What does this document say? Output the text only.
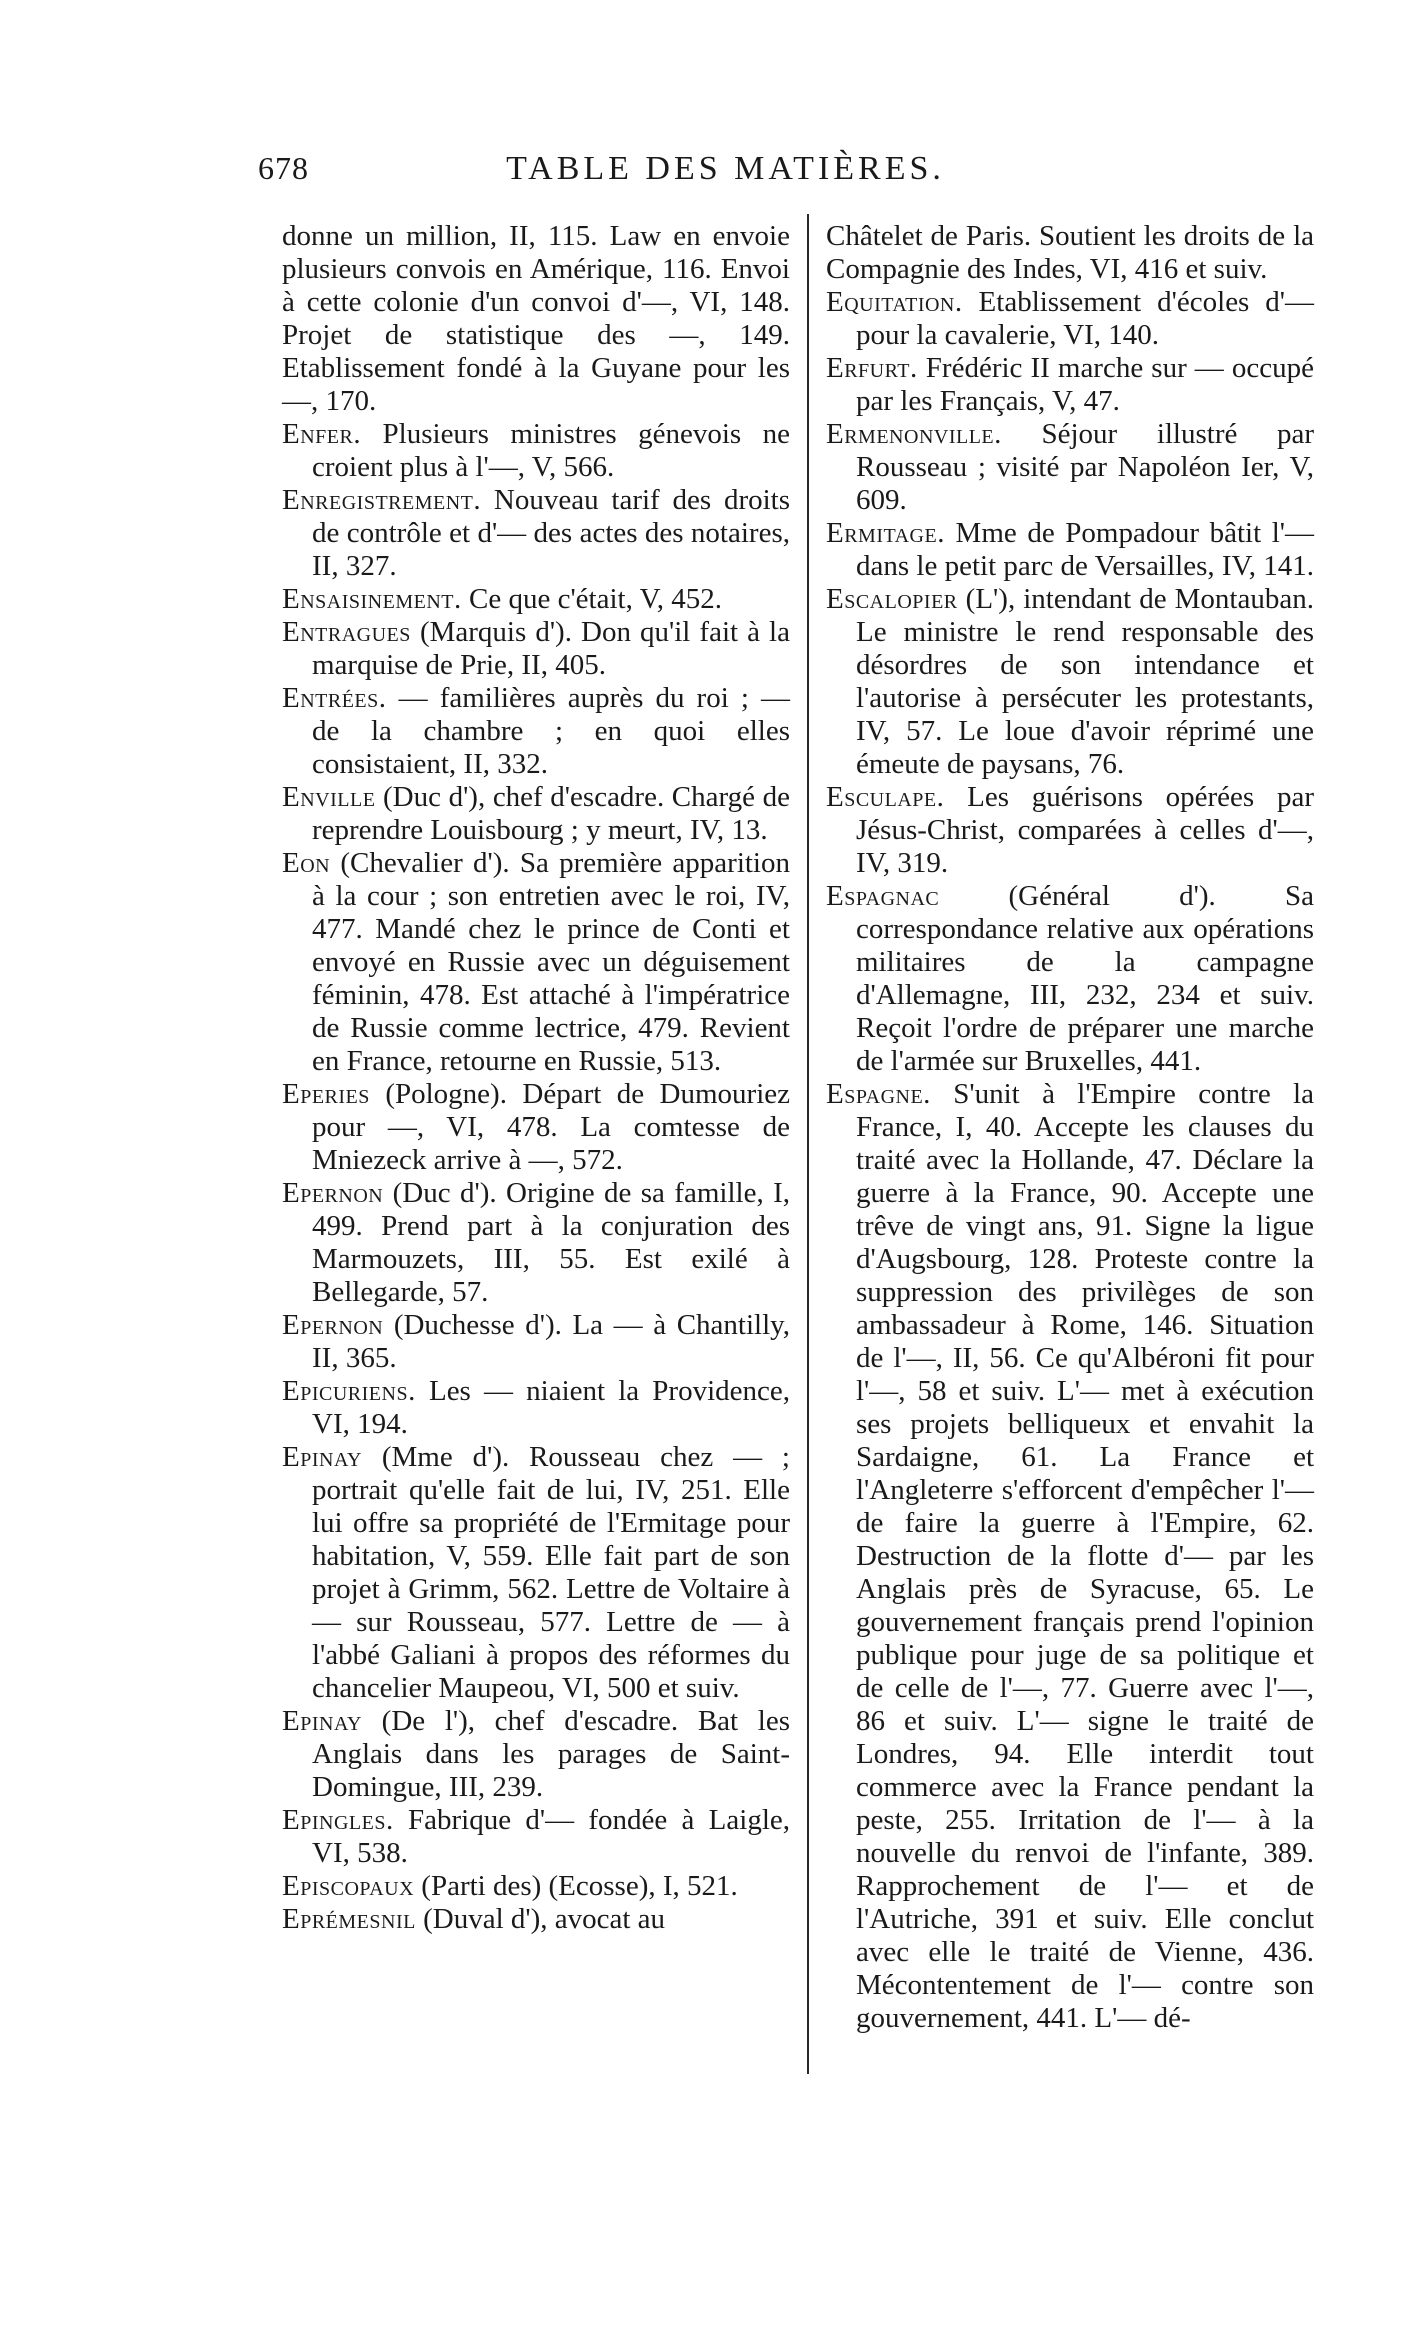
678	TABLE DES MATIÈRES.

donne un million, II, 115. Law en envoie plusieurs convois en Amérique, 116. Envoi à cette colonie d'un convoi d'—, VI, 148. Projet de statistique des —, 149. Etablissement fondé à la Guyane pour les —, 170.

Enfer. Plusieurs ministres génevois ne croient plus à l'—, V, 566.

Enregistrement. Nouveau tarif des droits de contrôle et d'— des actes des notaires, II, 327.

Ensaisinement. Ce que c'était, V, 452.

Entragues (Marquis d'). Don qu'il fait à la marquise de Prie, II, 405.

Entrées. — familières auprès du roi ; — de la chambre ; en quoi elles consistaient, II, 332.

Enville (Duc d'), chef d'escadre. Chargé de reprendre Louisbourg ; y meurt, IV, 13.

Eon (Chevalier d'). Sa première apparition à la cour ; son entretien avec le roi, IV, 477. Mandé chez le prince de Conti et envoyé en Russie avec un déguisement féminin, 478. Est attaché à l'impératrice de Russie comme lectrice, 479. Revient en France, retourne en Russie, 513.

Eperies (Pologne). Départ de Dumouriez pour —, VI, 478. La comtesse de Mniezeck arrive à —, 572.

Epernon (Duc d'). Origine de sa famille, I, 499. Prend part à la conjuration des Marmouzets, III, 55. Est exilé à Bellegarde, 57.

Epernon (Duchesse d'). La — à Chantilly, II, 365.

Epicuriens. Les — niaient la Providence, VI, 194.

Epinay (Mme d'). Rousseau chez — ; portrait qu'elle fait de lui, IV, 251. Elle lui offre sa propriété de l'Ermitage pour habitation, V, 559. Elle fait part de son projet à Grimm, 562. Lettre de Voltaire à — sur Rousseau, 577. Lettre de — à l'abbé Galiani à propos des réformes du chancelier Maupeou, VI, 500 et suiv.

Epinay (De l'), chef d'escadre. Bat les Anglais dans les parages de Saint-Domingue, III, 239.

Epingles. Fabrique d'— fondée à Laigle, VI, 538.

Episcopaux (Parti des) (Ecosse), I, 521.

Eprémesnil (Duval d'), avocat au

Châtelet de Paris. Soutient les droits de la Compagnie des Indes, VI, 416 et suiv.

Equitation. Etablissement d'écoles d'— pour la cavalerie, VI, 140.

Erfurt. Frédéric II marche sur — occupé par les Français, V, 47.

Ermenonville. Séjour illustré par Rousseau ; visité par Napoléon Ier, V, 609.

Ermitage. Mme de Pompadour bâtit l'— dans le petit parc de Versailles, IV, 141.

Escalopier (L'), intendant de Montauban. Le ministre le rend responsable des désordres de son intendance et l'autorise à persécuter les protestants, IV, 57. Le loue d'avoir réprimé une émeute de paysans, 76.

Esculape. Les guérisons opérées par Jésus-Christ, comparées à celles d'—, IV, 319.

Espagnac (Général d'). Sa correspondance relative aux opérations militaires de la campagne d'Allemagne, III, 232, 234 et suiv. Reçoit l'ordre de préparer une marche de l'armée sur Bruxelles, 441.

Espagne. S'unit à l'Empire contre la France, I, 40. Accepte les clauses du traité avec la Hollande, 47. Déclare la guerre à la France, 90. Accepte une trêve de vingt ans, 91. Signe la ligue d'Augsbourg, 128. Proteste contre la suppression des privilèges de son ambassadeur à Rome, 146. Situation de l'—, II, 56. Ce qu'Albéroni fit pour l'—, 58 et suiv. L'— met à exécution ses projets belliqueux et envahit la Sardaigne, 61. La France et l'Angleterre s'efforcent d'empêcher l'— de faire la guerre à l'Empire, 62. Destruction de la flotte d'— par les Anglais près de Syracuse, 65. Le gouvernement français prend l'opinion publique pour juge de sa politique et de celle de l'—, 77. Guerre avec l'—, 86 et suiv. L'— signe le traité de Londres, 94. Elle interdit tout commerce avec la France pendant la peste, 255. Irritation de l'— à la nouvelle du renvoi de l'infante, 389. Rapprochement de l'— et de l'Autriche, 391 et suiv. Elle conclut avec elle le traité de Vienne, 436. Mécontentement de l'— contre son gouvernement, 441. L'— dé-
